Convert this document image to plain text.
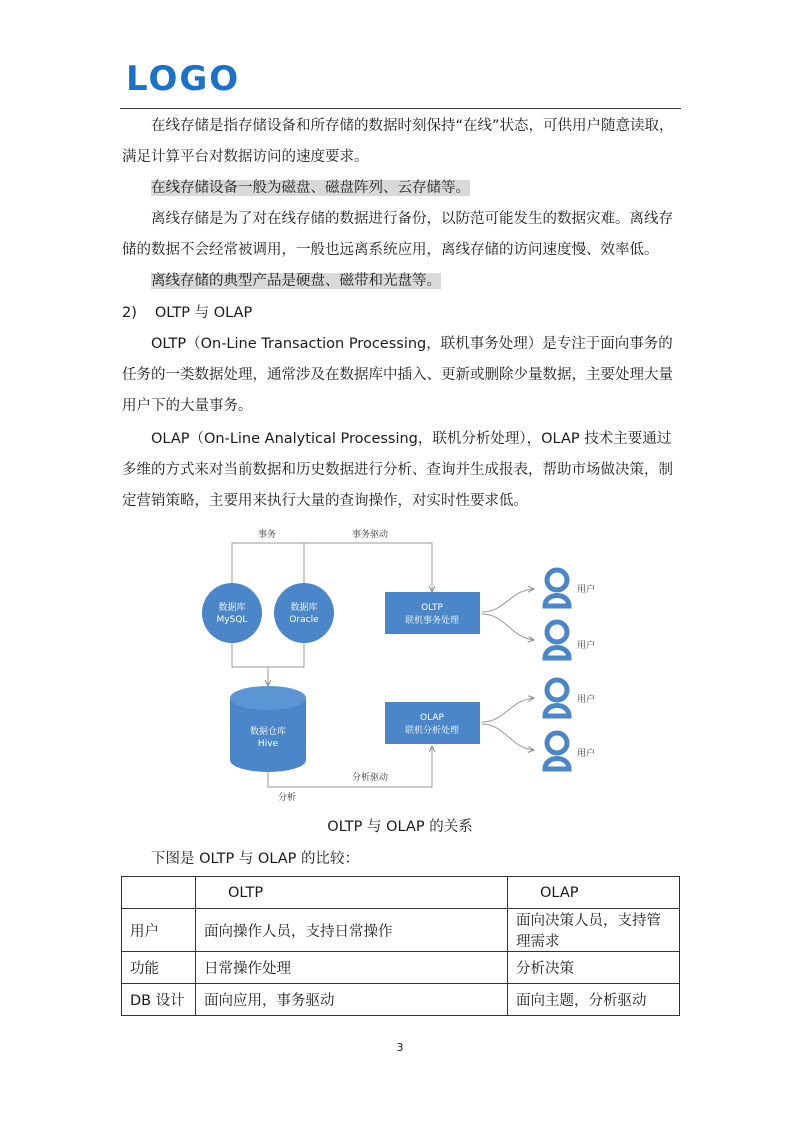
LOGO

在线存储是指存储设备和所存储的数据时刻保持“在线”状态，可供用户随意读取，满足计算平台对数据访问的速度要求。

在线存储设备一般为磁盘、磁盘阵列、云存储等。

离线存储是为了对在线存储的数据进行备份，以防范可能发生的数据灾难。离线存储的数据不会经常被调用，一般也远离系统应用，离线存储的访问速度慢、效率低。

离线存储的典型产品是硬盘、磁带和光盘等。

2) OLTP 与 OLAP

OLTP（On-Line Transaction Processing，联机事务处理）是专注于面向事务的任务的一类数据处理，通常涉及在数据库中插入、更新或删除少量数据，主要处理大量用户下的大量事务。

OLAP（On-Line Analytical Processing，联机分析处理），OLAP 技术主要通过多维的方式来对当前数据和历史数据进行分析、查询并生成报表，帮助市场做决策，制定营销策略，主要用来执行大量的查询操作，对实时性要求低。

事务	事务驱动
数据库
MySQL
数据库
Oracle
OLTP
联机事务处理
数据仓库
Hive
OLAP
联机分析处理
分析驱动
分析
用户
用户
用户
用户
OLTP 与 OLAP 的关系

下图是 OLTP 与 OLAP 的比较：

	OLTP	OLAP
用户	面向操作人员，支持日常操作	面向决策人员，支持管理需求
功能	日常操作处理	分析决策
DB 设计	面向应用，事务驱动	面向主题，分析驱动
3
